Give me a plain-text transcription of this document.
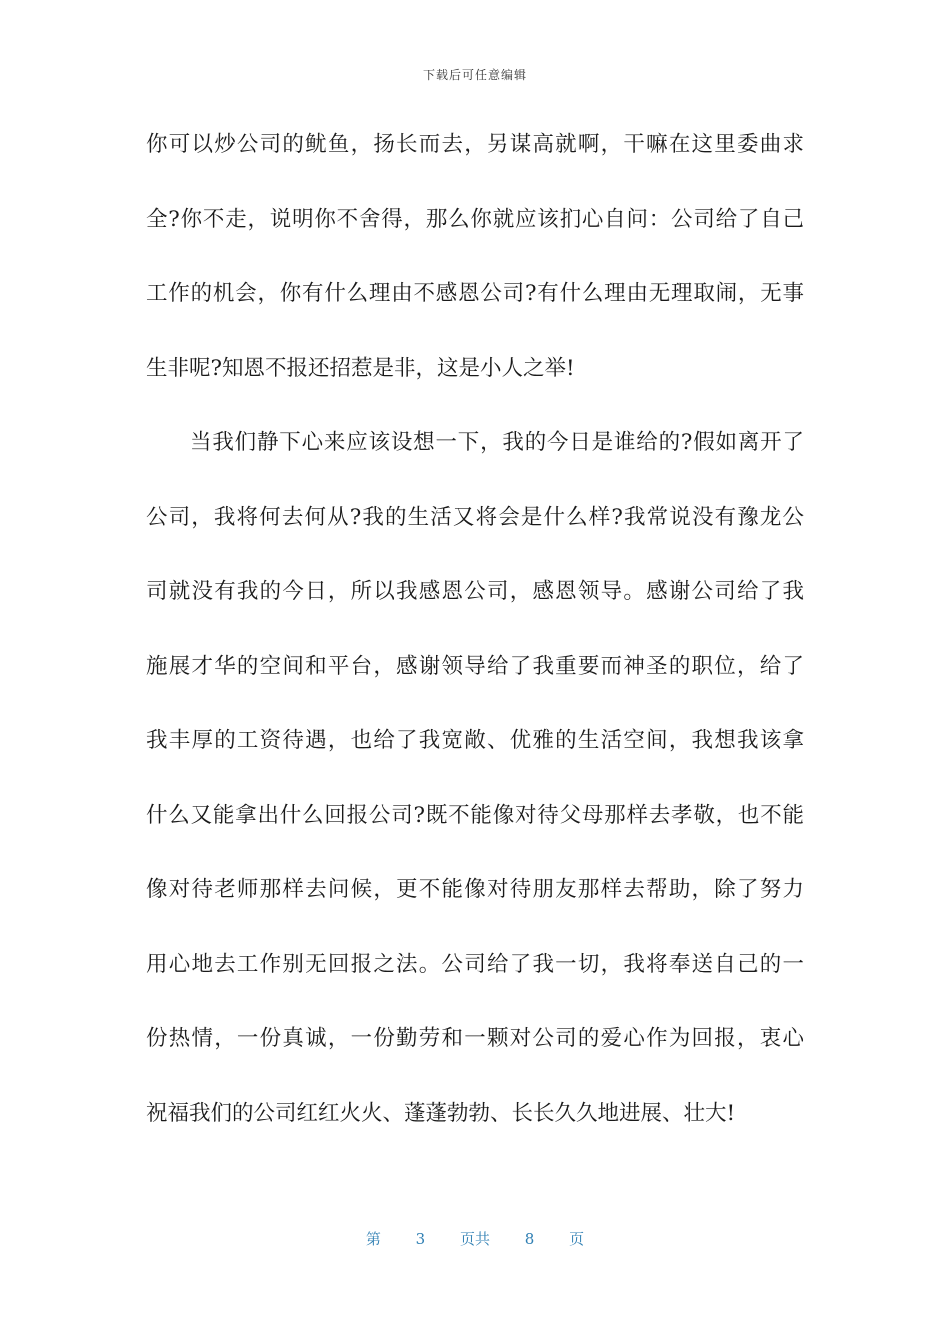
下载后可任意编辑
你可以炒公司的鱿鱼，扬长而去，另谋高就啊，干嘛在这里委曲求
全?你不走，说明你不舍得，那么你就应该扪心自问：公司给了自己
工作的机会，你有什么理由不感恩公司?有什么理由无理取闹，无事
生非呢?知恩不报还招惹是非，这是小人之举!
当我们静下心来应该设想一下，我的今日是谁给的?假如离开了
公司，我将何去何从?我的生活又将会是什么样?我常说没有豫龙公
司就没有我的今日，所以我感恩公司，感恩领导。感谢公司给了我
施展才华的空间和平台，感谢领导给了我重要而神圣的职位，给了
我丰厚的工资待遇，也给了我宽敞、优雅的生活空间，我想我该拿
什么又能拿出什么回报公司?既不能像对待父母那样去孝敬，也不能
像对待老师那样去问候，更不能像对待朋友那样去帮助，除了努力
用心地去工作别无回报之法。公司给了我一切，我将奉送自己的一
份热情，一份真诚，一份勤劳和一颗对公司的爱心作为回报，衷心
祝福我们的公司红红火火、蓬蓬勃勃、长长久久地进展、壮大!
第 3 页共 8 页
